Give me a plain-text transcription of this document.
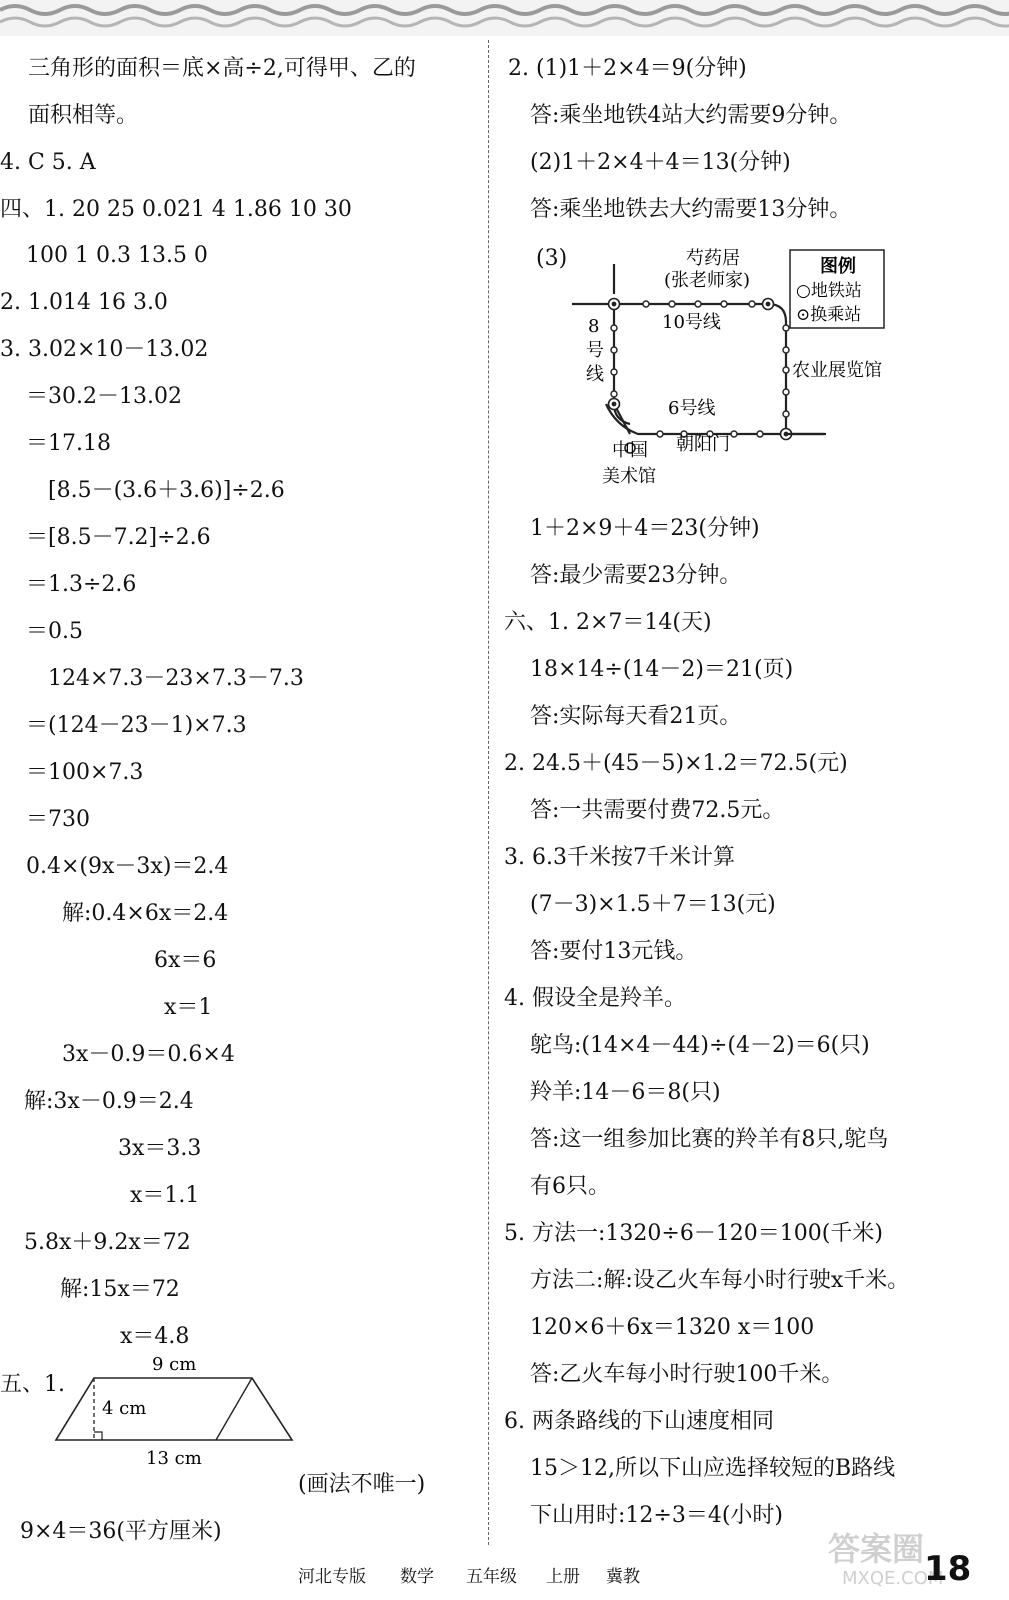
三角形的面积＝底×高÷2,可得甲、乙的
面积相等。
4. C 5. A
四、1. 20 25 0.021 4 1.86 10 30
100 1 0.3 13.5 0
2. 1.014 16 3.0
3. 3.02×10－13.02
＝30.2－13.02
＝17.18
[8.5－(3.6＋3.6)]÷2.6
＝[8.5－7.2]÷2.6
＝1.3÷2.6
＝0.5
124×7.3－23×7.3－7.3
＝(124－23－1)×7.3
＝100×7.3
＝730
0.4×(9x－3x)＝2.4
解:0.4×6x＝2.4
6x＝6
x＝1
3x－0.9＝0.6×4
解:3x－0.9＝2.4
3x＝3.3
x＝1.1
5.8x＋9.2x＝72
解:15x＝72
x＝4.8
五、1.
(画法不唯一)
9×4＝36(平方厘米)
2. (1)1＋2×4＝9(分钟)
答:乘坐地铁4站大约需要9分钟。
(2)1＋2×4＋4＝13(分钟)
答:乘坐地铁去大约需要13分钟。
(3)
1＋2×9＋4＝23(分钟)
答:最少需要23分钟。
六、1. 2×7＝14(天)
18×14÷(14－2)＝21(页)
答:实际每天看21页。
2. 24.5＋(45－5)×1.2＝72.5(元)
答:一共需要付费72.5元。
3. 6.3千米按7千米计算
(7－3)×1.5＋7＝13(元)
答:要付13元钱。
4. 假设全是羚羊。
鸵鸟:(14×4－44)÷(4－2)＝6(只)
羚羊:14－6＝8(只)
答:这一组参加比赛的羚羊有8只,鸵鸟
有6只。
5. 方法一:1320÷6－120＝100(千米)
方法二:解:设乙火车每小时行驶x千米。
120×6＋6x＝1320 x＝100
答:乙火车每小时行驶100千米。
6. 两条路线的下山速度相同
15＞12,所以下山应选择较短的B路线
下山用时:12÷3＝4(小时)
9 cm
4 cm
13 cm
芍药居
(张老师家)
10号线
8
号
线	农业展览馆
6号线
中国
美术馆
朝阳门
图例
○地铁站
⊙换乘站
河北专版 数学 五年级 上册 冀教
答案圈
MXQE.COM
18
